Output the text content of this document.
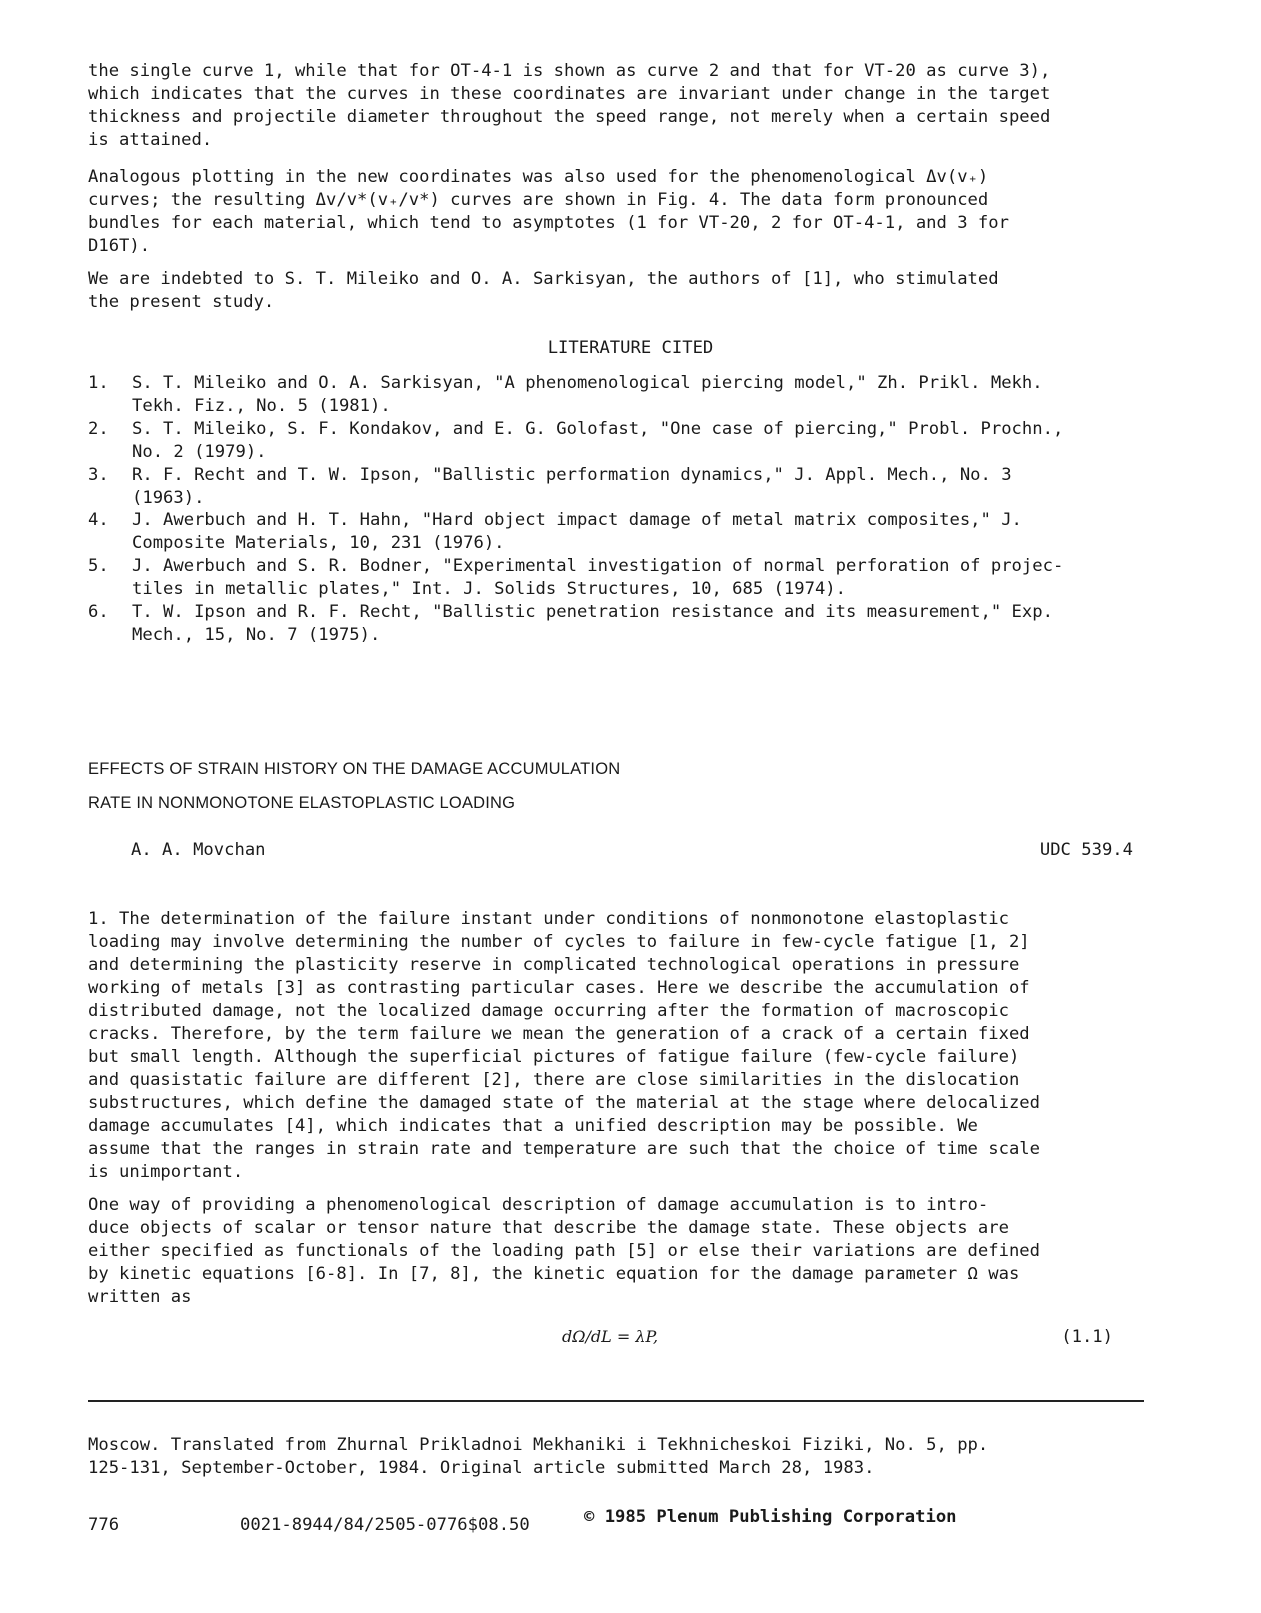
the single curve 1, while that for OT-4-1 is shown as curve 2 and that for VT-20 as curve 3),
which indicates that the curves in these coordinates are invariant under change in the target
thickness and projectile diameter throughout the speed range, not merely when a certain speed
is attained.

Analogous plotting in the new coordinates was also used for the phenomenological Δv(v₊)
curves; the resulting Δv/v*(v₊/v*) curves are shown in Fig. 4. The data form pronounced
bundles for each material, which tend to asymptotes (1 for VT-20, 2 for OT-4-1, and 3 for
D16T).

We are indebted to S. T. Mileiko and O. A. Sarkisyan, the authors of [1], who stimulated
the present study.

LITERATURE CITED
1. S. T. Mileiko and O. A. Sarkisyan, "A phenomenological piercing model," Zh. Prikl. Mekh.
Tekh. Fiz., No. 5 (1981).
2. S. T. Mileiko, S. F. Kondakov, and E. G. Golofast, "One case of piercing," Probl. Prochn.,
No. 2 (1979).
3. R. F. Recht and T. W. Ipson, "Ballistic performation dynamics," J. Appl. Mech., No. 3
(1963).
4. J. Awerbuch and H. T. Hahn, "Hard object impact damage of metal matrix composites," J.
Composite Materials, 10, 231 (1976).
5. J. Awerbuch and S. R. Bodner, "Experimental investigation of normal perforation of projec-
tiles in metallic plates," Int. J. Solids Structures, 10, 685 (1974).
6. T. W. Ipson and R. F. Recht, "Ballistic penetration resistance and its measurement," Exp.
Mech., 15, No. 7 (1975).
EFFECTS OF STRAIN HISTORY ON THE DAMAGE ACCUMULATION
RATE IN NONMONOTONE ELASTOPLASTIC LOADING
A. A. Movchan	UDC 539.4

1. The determination of the failure instant under conditions of nonmonotone elastoplastic
loading may involve determining the number of cycles to failure in few-cycle fatigue [1, 2]
and determining the plasticity reserve in complicated technological operations in pressure
working of metals [3] as contrasting particular cases. Here we describe the accumulation of
distributed damage, not the localized damage occurring after the formation of macroscopic
cracks. Therefore, by the term failure we mean the generation of a crack of a certain fixed
but small length. Although the superficial pictures of fatigue failure (few-cycle failure)
and quasistatic failure are different [2], there are close similarities in the dislocation
substructures, which define the damaged state of the material at the stage where delocalized
damage accumulates [4], which indicates that a unified description may be possible. We
assume that the ranges in strain rate and temperature are such that the choice of time scale
is unimportant.

One way of providing a phenomenological description of damage accumulation is to intro-
duce objects of scalar or tensor nature that describe the damage state. These objects are
either specified as functionals of the loading path [5] or else their variations are defined
by kinetic equations [6-8]. In [7, 8], the kinetic equation for the damage parameter Ω was
written as

dΩ/dL = λP,	(1.1)

Moscow. Translated from Zhurnal Prikladnoi Mekhaniki i Tekhnicheskoi Fiziki, No. 5, pp.
125-131, September-October, 1984. Original article submitted March 28, 1983.

776	0021-8944/84/2505-0776$08.50	© 1985 Plenum Publishing Corporation
